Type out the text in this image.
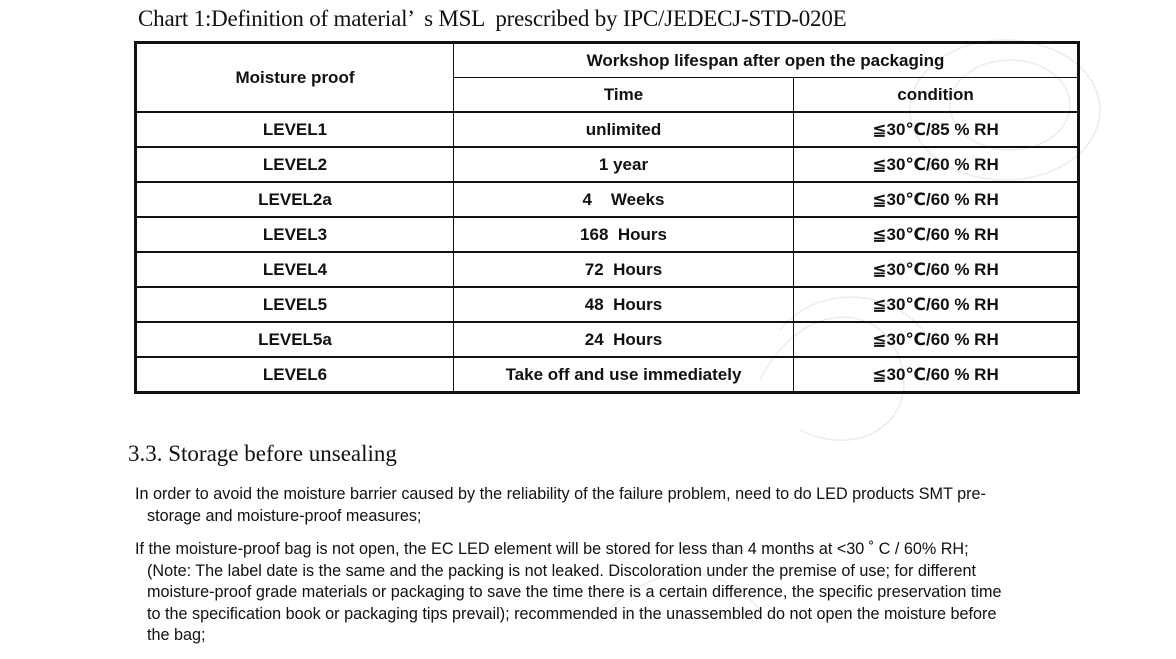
Chart 1:Definition of material’  s MSL  prescribed by IPC/JEDECJ-STD-020E
Moisture proof	Workshop lifespan after open the packaging	
	Time	condition
LEVEL1	unlimited	≦30℃/85 % RH
LEVEL2	1 year	≦30℃/60 % RH
LEVEL2a	4    Weeks	≦30℃/60 % RH
LEVEL3	168  Hours	≦30℃/60 % RH
LEVEL4	72  Hours	≦30℃/60 % RH
LEVEL5	48  Hours	≦30℃/60 % RH
LEVEL5a	24  Hours	≦30℃/60 % RH
LEVEL6	Take off and use immediately	≦30℃/60 % RH
3.3. Storage before unsealing

In order to avoid the moisture barrier caused by the reliability of the failure problem, need to do LED products SMT pre-
storage and moisture-proof measures;

If the moisture-proof bag is not open, the EC LED element will be stored for less than 4 months at <30 ˚ C / 60% RH;
(Note: The label date is the same and the packing is not leaked. Discoloration under the premise of use; for different
moisture-proof grade materials or packaging to save the time there is a certain difference, the specific preservation time
to the specification book or packaging tips prevail); recommended in the unassembled do not open the moisture before
the bag;
